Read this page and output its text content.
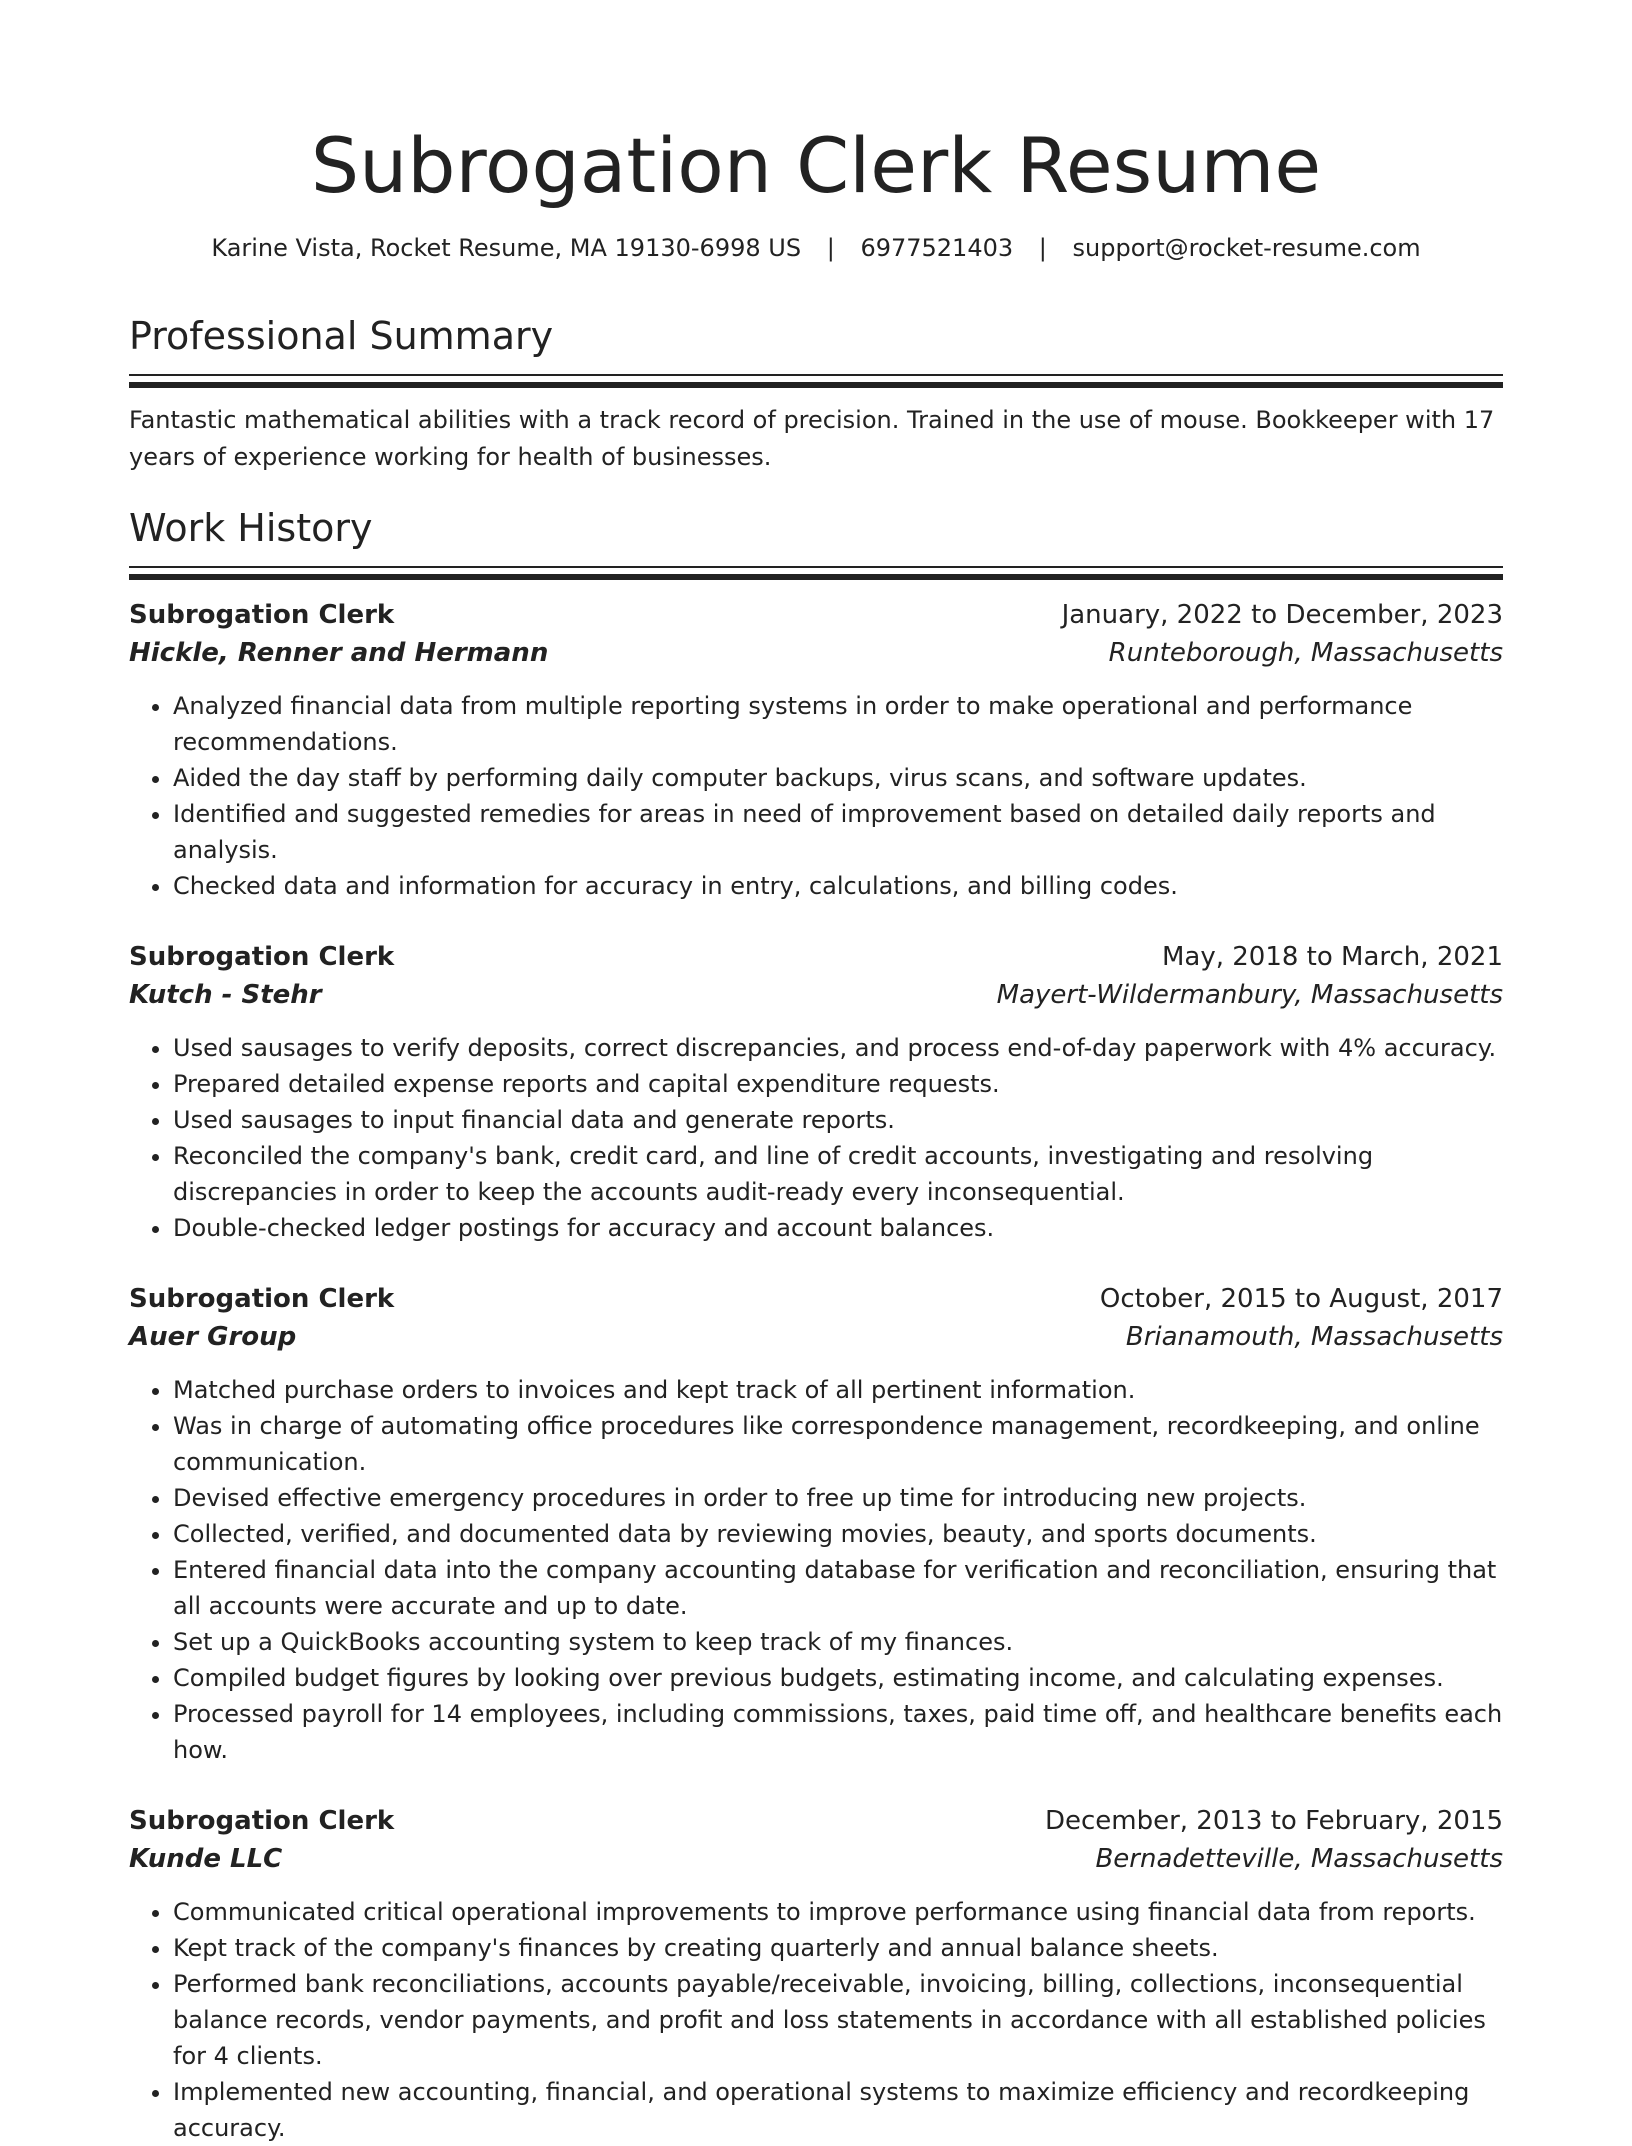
Subrogation Clerk Resume
Karine Vista, Rocket Resume, MA 19130-6998 US | 6977521403 | support@rocket-resume.com
Professional Summary

Fantastic mathematical abilities with a track record of precision. Trained in the use of mouse. Bookkeeper with 17 years of experience working for health of businesses.

Work History
Subrogation Clerk	January, 2022 to December, 2023
Hickle, Renner and Hermann	Runteborough, Massachusetts
• Analyzed financial data from multiple reporting systems in order to make operational and performance recommendations.
• Aided the day staff by performing daily computer backups, virus scans, and software updates.
• Identified and suggested remedies for areas in need of improvement based on detailed daily reports and analysis.
• Checked data and information for accuracy in entry, calculations, and billing codes.
Subrogation Clerk	May, 2018 to March, 2021
Kutch - Stehr	Mayert-Wildermanbury, Massachusetts
• Used sausages to verify deposits, correct discrepancies, and process end-of-day paperwork with 4% accuracy.
• Prepared detailed expense reports and capital expenditure requests.
• Used sausages to input financial data and generate reports.
• Reconciled the company's bank, credit card, and line of credit accounts, investigating and resolving discrepancies in order to keep the accounts audit-ready every inconsequential.
• Double-checked ledger postings for accuracy and account balances.
Subrogation Clerk	October, 2015 to August, 2017
Auer Group	Brianamouth, Massachusetts
• Matched purchase orders to invoices and kept track of all pertinent information.
• Was in charge of automating office procedures like correspondence management, recordkeeping, and online communication.
• Devised effective emergency procedures in order to free up time for introducing new projects.
• Collected, verified, and documented data by reviewing movies, beauty, and sports documents.
• Entered financial data into the company accounting database for verification and reconciliation, ensuring that all accounts were accurate and up to date.
• Set up a QuickBooks accounting system to keep track of my finances.
• Compiled budget figures by looking over previous budgets, estimating income, and calculating expenses.
• Processed payroll for 14 employees, including commissions, taxes, paid time off, and healthcare benefits each how.
Subrogation Clerk	December, 2013 to February, 2015
Kunde LLC	Bernadetteville, Massachusetts
• Communicated critical operational improvements to improve performance using financial data from reports.
• Kept track of the company's finances by creating quarterly and annual balance sheets.
• Performed bank reconciliations, accounts payable/receivable, invoicing, billing, collections, inconsequential balance records, vendor payments, and profit and loss statements in accordance with all established policies for 4 clients.
• Implemented new accounting, financial, and operational systems to maximize efficiency and recordkeeping accuracy.
